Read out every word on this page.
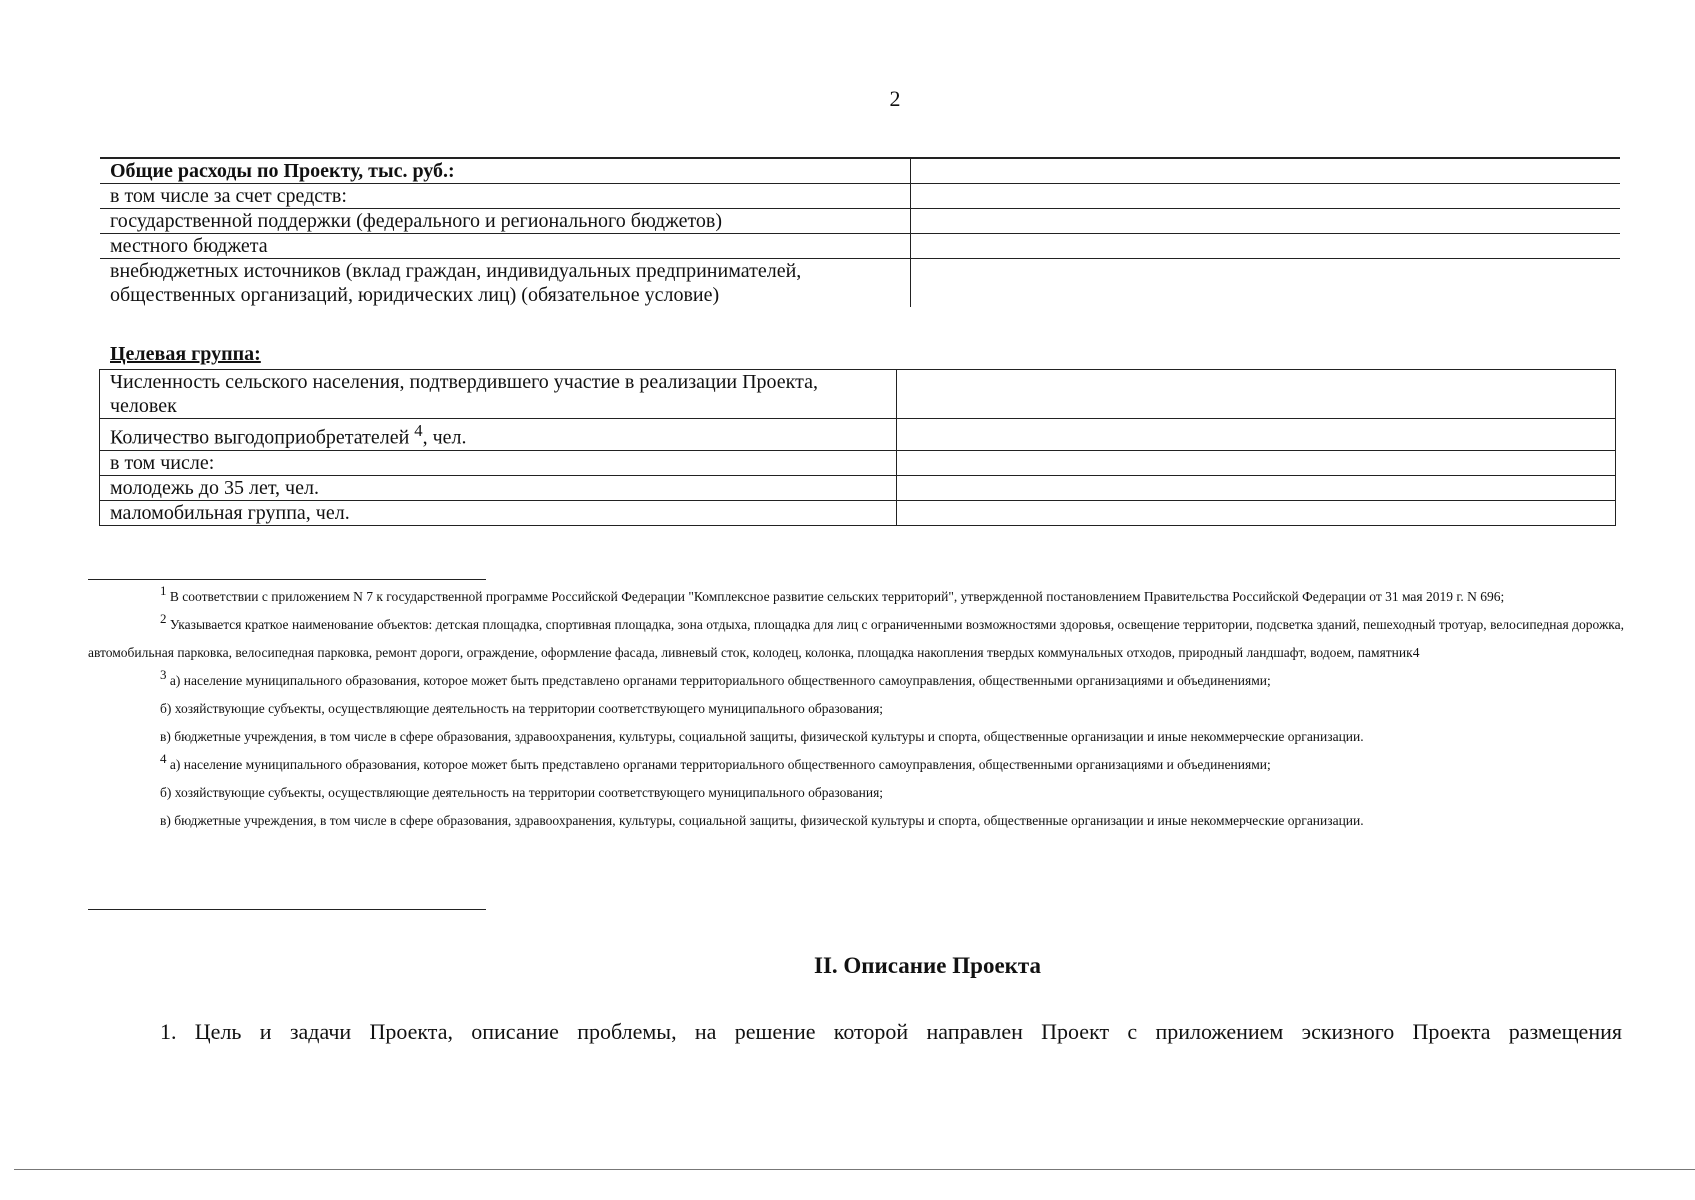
2
Общие расходы по Проекту, тыс. руб.:	
в том числе за счет средств:	
государственной поддержки (федерального и регионального бюджетов)	
местного бюджета	
внебюджетных источников (вклад граждан, индивидуальных предпринимателей, общественных организаций, юридических лиц) (обязательное условие)	
Целевая группа:
Численность сельского населения, подтвердившего участие в реализации Проекта, человек	
Количество выгодоприобретателей $^4$, чел.	
в том числе:	
молодежь до 35 лет, чел.	
маломобильная группа, чел.	

$^1$ В соответствии с приложением N 7 к государственной программе Российской Федерации "Комплексное развитие сельских территорий", утвержденной постановлением Правительства Российской Федерации от 31 мая 2019 г. N 696;

$^2$ Указывается краткое наименование объектов: детская площадка, спортивная площадка, зона отдыха, площадка для лиц с ограниченными возможностями здоровья, освещение территории, подсветка зданий, пешеходный тротуар, велосипедная дорожка, автомобильная парковка, велосипедная парковка, ремонт дороги, ограждение, оформление фасада, ливневый сток, колодец, колонка, площадка накопления твердых коммунальных отходов, природный ландшафт, водоем, памятник4

$^3$ а) население муниципального образования, которое может быть представлено органами территориального общественного самоуправления, общественными организациями и объединениями;

б) хозяйствующие субъекты, осуществляющие деятельность на территории соответствующего муниципального образования;

в) бюджетные учреждения, в том числе в сфере образования, здравоохранения, культуры, социальной защиты, физической культуры и спорта, общественные организации и иные некоммерческие организации.

$^4$ а) население муниципального образования, которое может быть представлено органами территориального общественного самоуправления, общественными организациями и объединениями;

б) хозяйствующие субъекты, осуществляющие деятельность на территории соответствующего муниципального образования;

в) бюджетные учреждения, в том числе в сфере образования, здравоохранения, культуры, социальной защиты, физической культуры и спорта, общественные организации и иные некоммерческие организации.

II. Описание Проекта
1. Цель и задачи Проекта, описание проблемы, на решение которой направлен Проект с приложением эскизного Проекта размещения
